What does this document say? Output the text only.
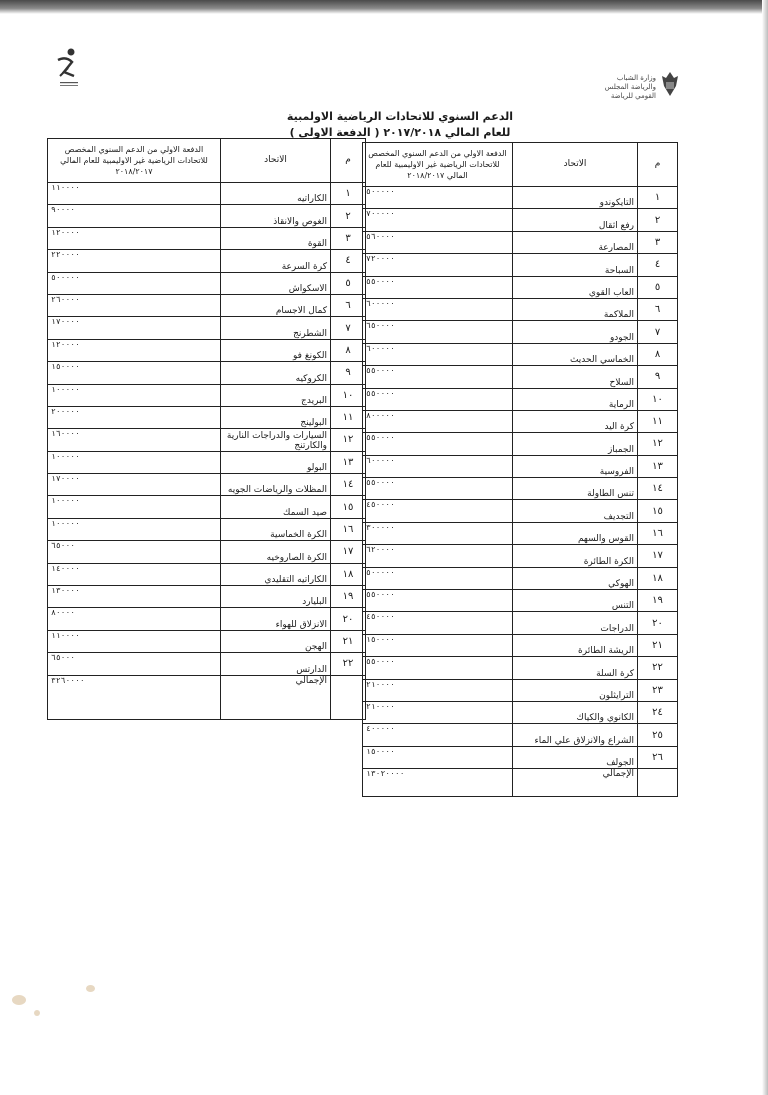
وزارة الشباب والرياضة المجلس القومي للرياضة
الدعم السنوي للاتحادات الرياضية الاولمبية
للعام المالي ٢٠١٧/٢٠١٨ ( الدفعة الاولي )
م	الاتحاد	الدفعة الاولي من الدعم السنوي المخصص للاتحادات الرياضية غير الاوليمبية للعام المالي ٢٠١٨/٢٠١٧
١	التايكوندو	٥٠٠٠٠٠
٢	رفع اثقال	٧٠٠٠٠٠
٣	المصارعة	٥٦٠٠٠٠
٤	السباحة	٧٢٠٠٠٠
٥	العاب القوي	٥٥٠٠٠٠
٦	الملاكمة	٦٠٠٠٠٠
٧	الجودو	٦٥٠٠٠٠
٨	الخماسي الحديث	٦٠٠٠٠٠
٩	السلاح	٥٥٠٠٠٠
١٠	الرماية	٥٥٠٠٠٠
١١	كرة اليد	٨٠٠٠٠٠
١٢	الجمباز	٥٥٠٠٠٠
١٣	الفروسية	٦٠٠٠٠٠
١٤	تنس الطاولة	٥٥٠٠٠٠
١٥	التجديف	٤٥٠٠٠٠
١٦	القوس والسهم	٣٠٠٠٠٠
١٧	الكرة الطائرة	٦٢٠٠٠٠
١٨	الهوكي	٥٠٠٠٠٠
١٩	التنس	٥٥٠٠٠٠
٢٠	الدراجات	٤٥٠٠٠٠
٢١	الريشة الطائرة	١٥٠٠٠٠
٢٢	كرة السلة	٥٥٠٠٠٠
٢٣	الترايثلون	٢١٠٠٠٠
٢٤	الكانوي والكياك	٢١٠٠٠٠
٢٥	الشراع والانزلاق علي الماء	٤٠٠٠٠٠
٢٦	الجولف	١٥٠٠٠٠
	الإجمالي	١٣٠٢٠٠٠٠
م	الاتحاد	الدفعة الاولي من الدعم السنوي المخصص للاتحادات الرياضية غير الاوليمبية للعام المالي ٢٠١٨/٢٠١٧
١	الكاراتيه	١١٠٠٠٠
٢	الغوص والانقاذ	٩٠٠٠٠
٣	القوة	١٢٠٠٠٠
٤	كرة السرعة	٢٢٠٠٠٠
٥	الاسكواش	٥٠٠٠٠٠
٦	كمال الاجسام	٢٦٠٠٠٠
٧	الشطرنج	١٧٠٠٠٠
٨	الكونغ فو	١٢٠٠٠٠
٩	الكروكيه	١٥٠٠٠٠
١٠	البريدج	١٠٠٠٠٠
١١	البولينج	٢٠٠٠٠٠
١٢	السيارات والدراجات النارية والكارتنج	١٦٠٠٠٠
١٣	البولو	١٠٠٠٠٠
١٤	المظلات والرياضات الجويه	١٧٠٠٠٠
١٥	صيد السمك	١٠٠٠٠٠
١٦	الكرة الخماسية	١٠٠٠٠٠
١٧	الكرة الصاروخيه	٦٥٠٠٠
١٨	الكاراتيه التقليدي	١٤٠٠٠٠
١٩	البليارد	١٣٠٠٠٠
٢٠	الانزلاق للهواء	٨٠٠٠٠
٢١	الهجن	١١٠٠٠٠
٢٢	الدارتس	٦٥٠٠٠
	الإجمالي	٣٢٦٠٠٠٠
